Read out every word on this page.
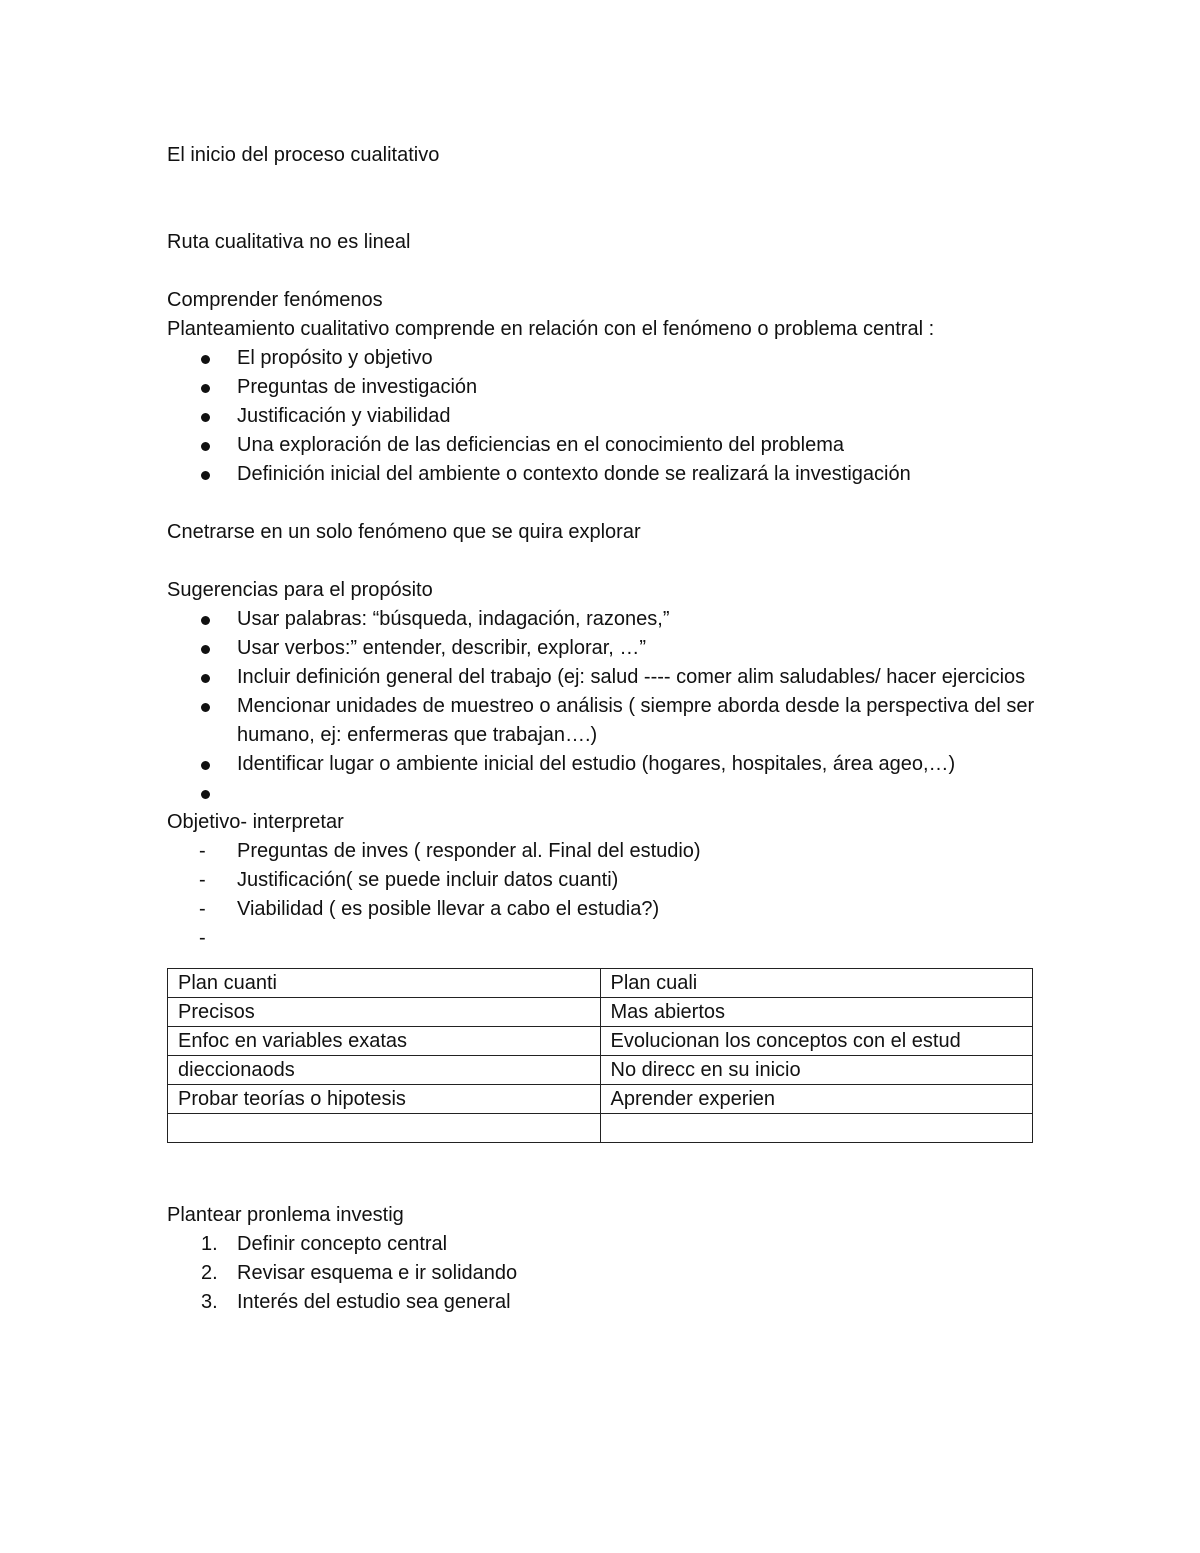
El inicio del proceso cualitativo
Ruta cualitativa no es lineal
Comprender fenómenos
Planteamiento cualitativo comprende en relación con el fenómeno o problema central :
El propósito y objetivo
Preguntas de investigación
Justificación y viabilidad
Una exploración de las deficiencias en el conocimiento del problema
Definición inicial del ambiente o contexto donde se realizará la investigación
Cnetrarse en un solo fenómeno que se quira explorar
Sugerencias para el propósito
Usar palabras: “búsqueda, indagación, razones,”
Usar verbos:” entender, describir, explorar, …”
Incluir definición general del trabajo (ej: salud ---- comer alim saludables/ hacer ejercicios
Mencionar unidades de muestreo o análisis ( siempre aborda desde la perspectiva del ser humano, ej: enfermeras que trabajan….)
Identificar lugar o ambiente inicial del estudio (hogares, hospitales, área ageo,…)
Objetivo- interpretar
-	Preguntas de inves ( responder al. Final del estudio)
-	Justificación( se puede incluir datos cuanti)
-	Viabilidad ( es posible llevar a cabo el estudia?)
-
Plan cuanti	Plan cuali
Precisos	Mas abiertos
Enfoc en variables exatas	Evolucionan los conceptos con el estud
dieccionaods	No direcc en su inicio
Probar teorías o hipotesis	Aprender experien

Plantear pronlema investig
1. Definir concepto central
2. Revisar esquema e ir solidando
3. Interés del estudio sea general
